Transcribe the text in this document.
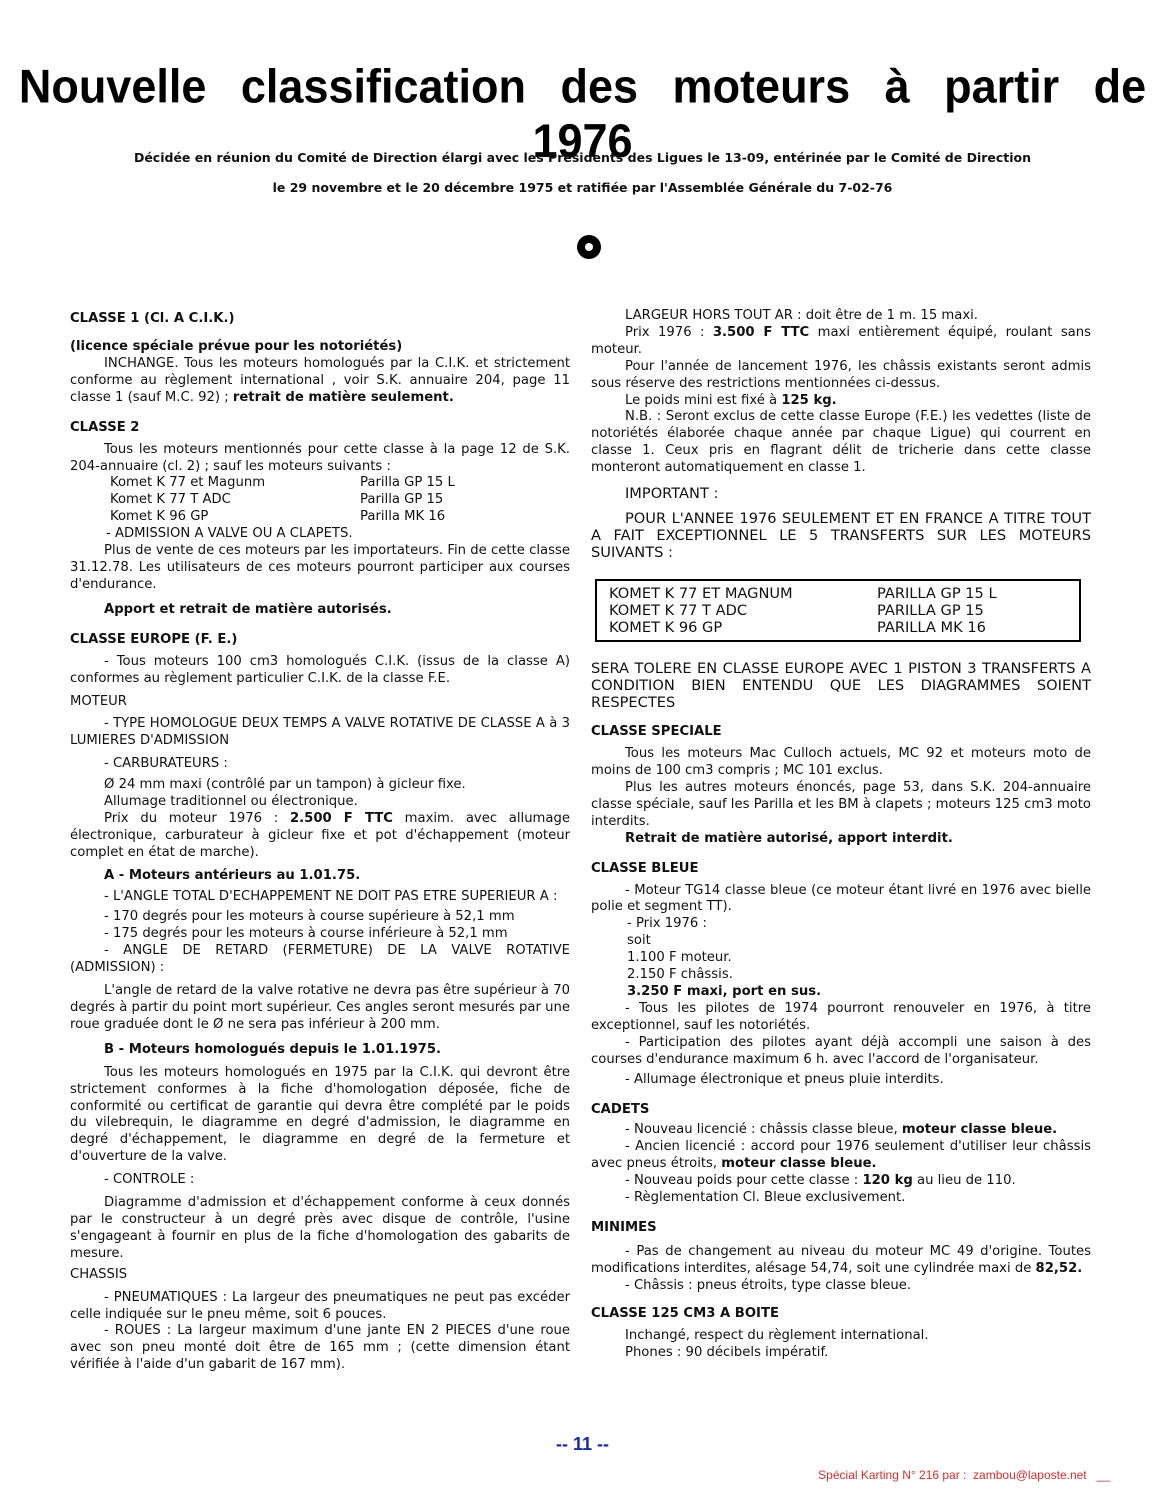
Nouvelle classification des moteurs à partir de 1976

Décidée en réunion du Comité de Direction élargi avec les Présidents des Ligues le 13-09, entérinée par le Comité de Direction

le 29 novembre et le 20 décembre 1975 et ratifiée par l'Assemblée Générale du 7-02-76

CLASSE 1 (Cl. A C.I.K.)

(licence spéciale prévue pour les notoriétés)

INCHANGE. Tous les moteurs homologués par la C.I.K. et strictement conforme au règlement international , voir S.K. annuaire 204, page 11 classe 1 (sauf M.C. 92) ; retrait de matière seulement.

CLASSE 2

Tous les moteurs mentionnés pour cette classe à la page 12 de S.K. 204-annuaire (cl. 2) ; sauf les moteurs suivants :

Komet K 77 et Magunm	Parilla GP 15 L
Komet K 77 T ADC	Parilla GP 15
Komet K 96 GP	Parilla MK 16

- ADMISSION A VALVE OU A CLAPETS.

Plus de vente de ces moteurs par les importateurs. Fin de cette classe 31.12.78. Les utilisateurs de ces moteurs pourront participer aux courses d'endurance.

Apport et retrait de matière autorisés.

CLASSE EUROPE (F. E.)

- Tous moteurs 100 cm3 homologués C.I.K. (issus de la classe A) conformes au règlement particulier C.I.K. de la classe F.E.

MOTEUR

- TYPE HOMOLOGUE DEUX TEMPS A VALVE ROTATIVE DE CLASSE A à 3 LUMIERES D'ADMISSION

- CARBURATEURS :

Ø 24 mm maxi (contrôlé par un tampon) à gicleur fixe.

Allumage traditionnel ou électronique.

Prix du moteur 1976 : 2.500 F TTC maxim. avec allumage électronique, carburateur à gicleur fixe et pot d'échappement (moteur complet en état de marche).

A - Moteurs antérieurs au 1.01.75.

- L'ANGLE TOTAL D'ECHAPPEMENT NE DOIT PAS ETRE SUPERIEUR A :

- 170 degrés pour les moteurs à course supérieure à 52,1 mm

- 175 degrés pour les moteurs à course inférieure à 52,1 mm

- ANGLE DE RETARD (FERMETURE) DE LA VALVE ROTATIVE (ADMISSION) :

L'angle de retard de la valve rotative ne devra pas être supérieur à 70 degrés à partir du point mort supérieur. Ces angles seront mesurés par une roue graduée dont le Ø ne sera pas inférieur à 200 mm.

B - Moteurs homologués depuis le 1.01.1975.

Tous les moteurs homologués en 1975 par la C.I.K. qui devront être strictement conformes à la fiche d'homologation déposée, fiche de conformité ou certificat de garantie qui devra être complété par le poids du vilebrequin, le diagramme en degré d'admission, le diagramme en degré d'échappement, le diagramme en degré de la fermeture et d'ouverture de la valve.

- CONTROLE :

Diagramme d'admission et d'échappement conforme à ceux donnés par le constructeur à un degré près avec disque de contrôle, l'usine s'engageant à fournir en plus de la fiche d'homologation des gabarits de mesure.

CHASSIS

- PNEUMATIQUES : La largeur des pneumatiques ne peut pas excéder celle indiquée sur le pneu même, soit 6 pouces.

- ROUES : La largeur maximum d'une jante EN 2 PIECES d'une roue avec son pneu monté doit être de 165 mm ; (cette dimension étant vérifiée à l'aide d'un gabarit de 167 mm).

LARGEUR HORS TOUT AR : doit être de 1 m. 15 maxi.

Prix 1976 : 3.500 F TTC maxi entièrement équipé, roulant sans moteur.

Pour l'année de lancement 1976, les châssis existants seront admis sous réserve des restrictions mentionnées ci-dessus.

Le poids mini est fixé à 125 kg.

N.B. : Seront exclus de cette classe Europe (F.E.) les vedettes (liste de notoriétés élaborée chaque année par chaque Ligue) qui courrent en classe 1. Ceux pris en flagrant délit de tricherie dans cette classe monteront automatiquement en classe 1.

IMPORTANT :

POUR L'ANNEE 1976 SEULEMENT ET EN FRANCE A TITRE TOUT A FAIT EXCEPTIONNEL LE 5 TRANSFERTS SUR LES MOTEURS SUIVANTS :

KOMET K 77 ET MAGNUM	PARILLA GP 15 L
KOMET K 77 T ADC	PARILLA GP 15
KOMET K 96 GP	PARILLA MK 16

SERA TOLERE EN CLASSE EUROPE AVEC 1 PISTON 3 TRANSFERTS A CONDITION BIEN ENTENDU QUE LES DIAGRAMMES SOIENT RESPECTES

CLASSE SPECIALE

Tous les moteurs Mac Culloch actuels, MC 92 et moteurs moto de moins de 100 cm3 compris ; MC 101 exclus.

Plus les autres moteurs énoncés, page 53, dans S.K. 204-annuaire classe spéciale, sauf les Parilla et les BM à clapets ; moteurs 125 cm3 moto interdits.

Retrait de matière autorisé, apport interdit.

CLASSE BLEUE

- Moteur TG14 classe bleue (ce moteur étant livré en 1976 avec bielle polie et segment TT).

- Prix 1976 :

soit

1.100 F moteur.

2.150 F châssis.

3.250 F maxi, port en sus.

- Tous les pilotes de 1974 pourront renouveler en 1976, à titre exceptionnel, sauf les notoriétés.

- Participation des pilotes ayant déjà accompli une saison à des courses d'endurance maximum 6 h. avec l'accord de l'organisateur.

- Allumage électronique et pneus pluie interdits.

CADETS

- Nouveau licencié : châssis classe bleue, moteur classe bleue.

- Ancien licencié : accord pour 1976 seulement d'utiliser leur châssis avec pneus étroits, moteur classe bleue.

- Nouveau poids pour cette classe : 120 kg au lieu de 110.

- Règlementation Cl. Bleue exclusivement.

MINIMES

- Pas de changement au niveau du moteur MC 49 d'origine. Toutes modifications interdites, alésage 54,74, soit une cylindrée maxi de 82,52.

- Châssis : pneus étroits, type classe bleue.

CLASSE 125 CM3 A BOITE

Inchangé, respect du règlement international.

Phones : 90 décibels impératif.

-- 11 --

Spécial Karting N° 216 par :  zambou@laposte.net   __
